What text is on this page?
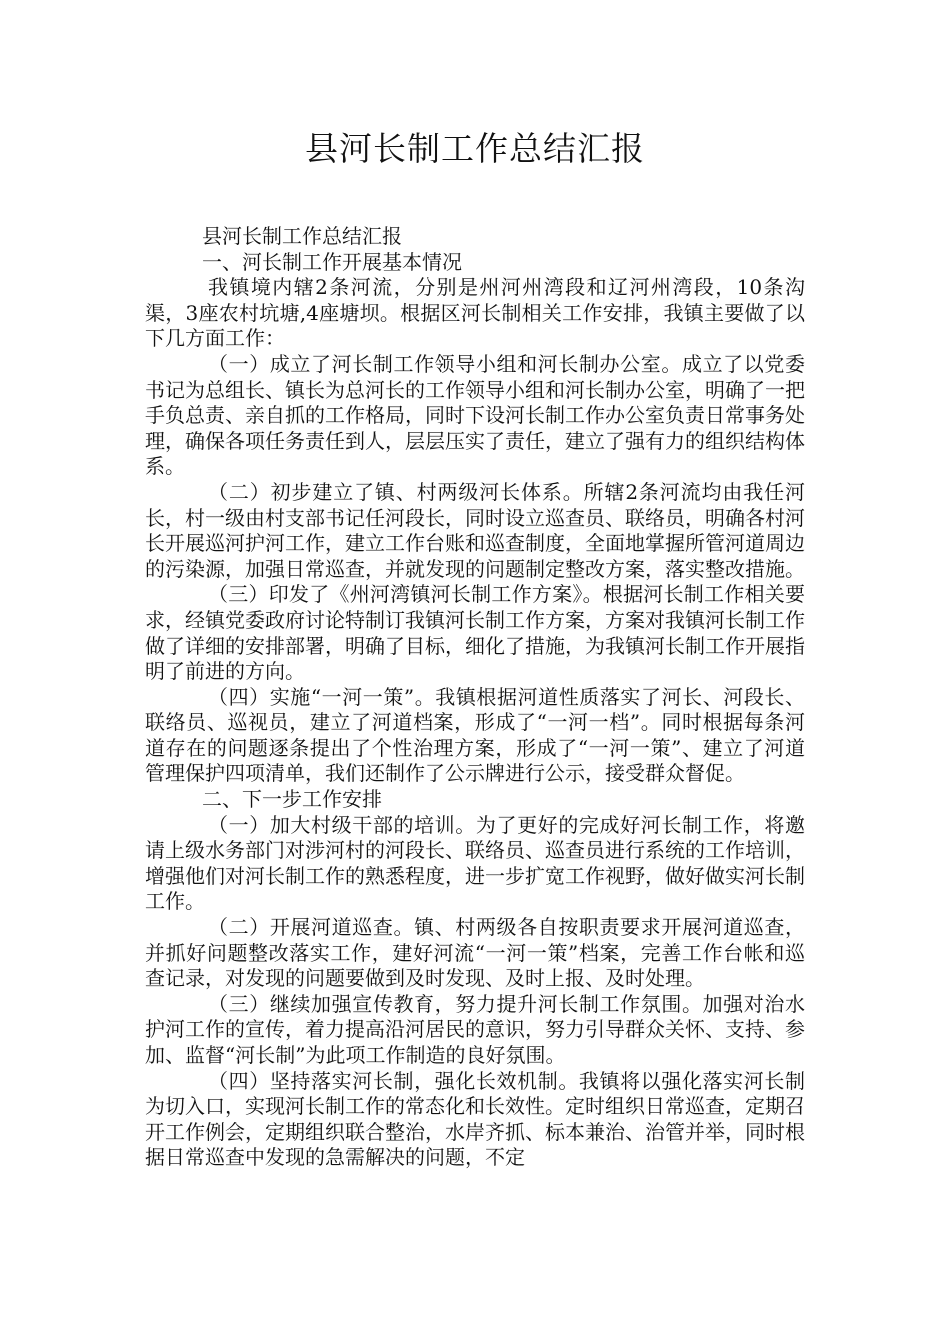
县河长制工作总结汇报

县河长制工作总结汇报

一、河长制工作开展基本情况

我镇境内辖2条河流，分别是州河州湾段和辽河州湾段，10条沟渠，3座农村坑塘,4座塘坝。根据区河长制相关工作安排，我镇主要做了以下几方面工作：

（一）成立了河长制工作领导小组和河长制办公室。成立了以党委书记为总组长、镇长为总河长的工作领导小组和河长制办公室，明确了一把手负总责、亲自抓的工作格局，同时下设河长制工作办公室负责日常事务处理，确保各项任务责任到人，层层压实了责任，建立了强有力的组织结构体系。

（二）初步建立了镇、村两级河长体系。所辖2条河流均由我任河长，村一级由村支部书记任河段长，同时设立巡查员、联络员，明确各村河长开展巡河护河工作，建立工作台账和巡查制度，全面地掌握所管河道周边的污染源，加强日常巡查，并就发现的问题制定整改方案，落实整改措施。

（三）印发了《州河湾镇河长制工作方案》。根据河长制工作相关要求，经镇党委政府讨论特制订我镇河长制工作方案，方案对我镇河长制工作做了详细的安排部署，明确了目标，细化了措施，为我镇河长制工作开展指明了前进的方向。

（四）实施“一河一策”。我镇根据河道性质落实了河长、河段长、联络员、巡视员，建立了河道档案，形成了“一河一档”。同时根据每条河道存在的问题逐条提出了个性治理方案，形成了“一河一策”、建立了河道管理保护四项清单，我们还制作了公示牌进行公示，接受群众督促。

二、下一步工作安排

（一）加大村级干部的培训。为了更好的完成好河长制工作，将邀请上级水务部门对涉河村的河段长、联络员、巡查员进行系统的工作培训，增强他们对河长制工作的熟悉程度，进一步扩宽工作视野，做好做实河长制工作。

（二）开展河道巡查。镇、村两级各自按职责要求开展河道巡查，并抓好问题整改落实工作，建好河流“一河一策”档案，完善工作台帐和巡查记录，对发现的问题要做到及时发现、及时上报、及时处理。

（三）继续加强宣传教育，努力提升河长制工作氛围。加强对治水护河工作的宣传，着力提高沿河居民的意识，努力引导群众关怀、支持、参加、监督“河长制”为此项工作制造的良好氛围。

（四）坚持落实河长制，强化长效机制。我镇将以强化落实河长制为切入口，实现河长制工作的常态化和长效性。定时组织日常巡查，定期召开工作例会，定期组织联合整治，水岸齐抓、标本兼治、治管并举，同时根据日常巡查中发现的急需解决的问题，不定
